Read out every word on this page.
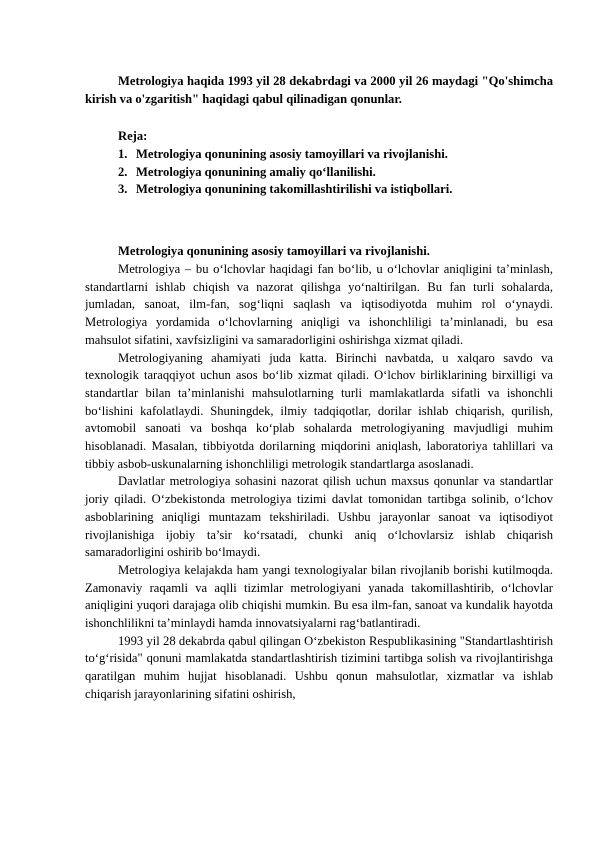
Metrologiya haqida 1993 yil 28 dekabrdagi va 2000 yil 26 maydagi "Qo'shimcha kirish va o'zgaritish" haqidagi qabul qilinadigan qonunlar.
Reja:
1. Metrologiya qonunining asosiy tamoyillari va rivojlanishi.
2. Metrologiya qonunining amaliy qo‘llanilishi.
3. Metrologiya qonunining takomillashtirilishi va istiqbollari.
Metrologiya qonunining asosiy tamoyillari va rivojlanishi.

Metrologiya – bu o‘lchovlar haqidagi fan bo‘lib, u o‘lchovlar aniqligini ta’minlash, standartlarni ishlab chiqish va nazorat qilishga yo‘naltirilgan. Bu fan turli sohalarda, jumladan, sanoat, ilm-fan, sog‘liqni saqlash va iqtisodiyotda muhim rol o‘ynaydi. Metrologiya yordamida o‘lchovlarning aniqligi va ishonchliligi ta’minlanadi, bu esa mahsulot sifatini, xavfsizligini va samaradorligini oshirishga xizmat qiladi.

Metrologiyaning ahamiyati juda katta. Birinchi navbatda, u xalqaro savdo va texnologik taraqqiyot uchun asos bo‘lib xizmat qiladi. O‘lchov birliklarining birxilligi va standartlar bilan ta’minlanishi mahsulotlarning turli mamlakatlarda sifatli va ishonchli bo‘lishini kafolatlaydi. Shuningdek, ilmiy tadqiqotlar, dorilar ishlab chiqarish, qurilish, avtomobil sanoati va boshqa ko‘plab sohalarda metrologiyaning mavjudligi muhim hisoblanadi. Masalan, tibbiyotda dorilarning miqdorini aniqlash, laboratoriya tahlillari va tibbiy asbob-uskunalarning ishonchliligi metrologik standartlarga asoslanadi.

Davlatlar metrologiya sohasini nazorat qilish uchun maxsus qonunlar va standartlar joriy qiladi. O‘zbekistonda metrologiya tizimi davlat tomonidan tartibga solinib, o‘lchov asboblarining aniqligi muntazam tekshiriladi. Ushbu jarayonlar sanoat va iqtisodiyot rivojlanishiga ijobiy ta’sir ko‘rsatadi, chunki aniq o‘lchovlarsiz ishlab chiqarish samaradorligini oshirib bo‘lmaydi.

Metrologiya kelajakda ham yangi texnologiyalar bilan rivojlanib borishi kutilmoqda. Zamonaviy raqamli va aqlli tizimlar metrologiyani yanada takomillashtirib, o‘lchovlar aniqligini yuqori darajaga olib chiqishi mumkin. Bu esa ilm-fan, sanoat va kundalik hayotda ishonchlilikni ta’minlaydi hamda innovatsiyalarni rag‘batlantiradi.

1993 yil 28 dekabrda qabul qilingan O‘zbekiston Respublikasining "Standartlashtirish to‘g‘risida" qonuni mamlakatda standartlashtirish tizimini tartibga solish va rivojlantirishga qaratilgan muhim hujjat hisoblanadi. Ushbu qonun mahsulotlar, xizmatlar va ishlab chiqarish jarayonlarining sifatini oshirish,
